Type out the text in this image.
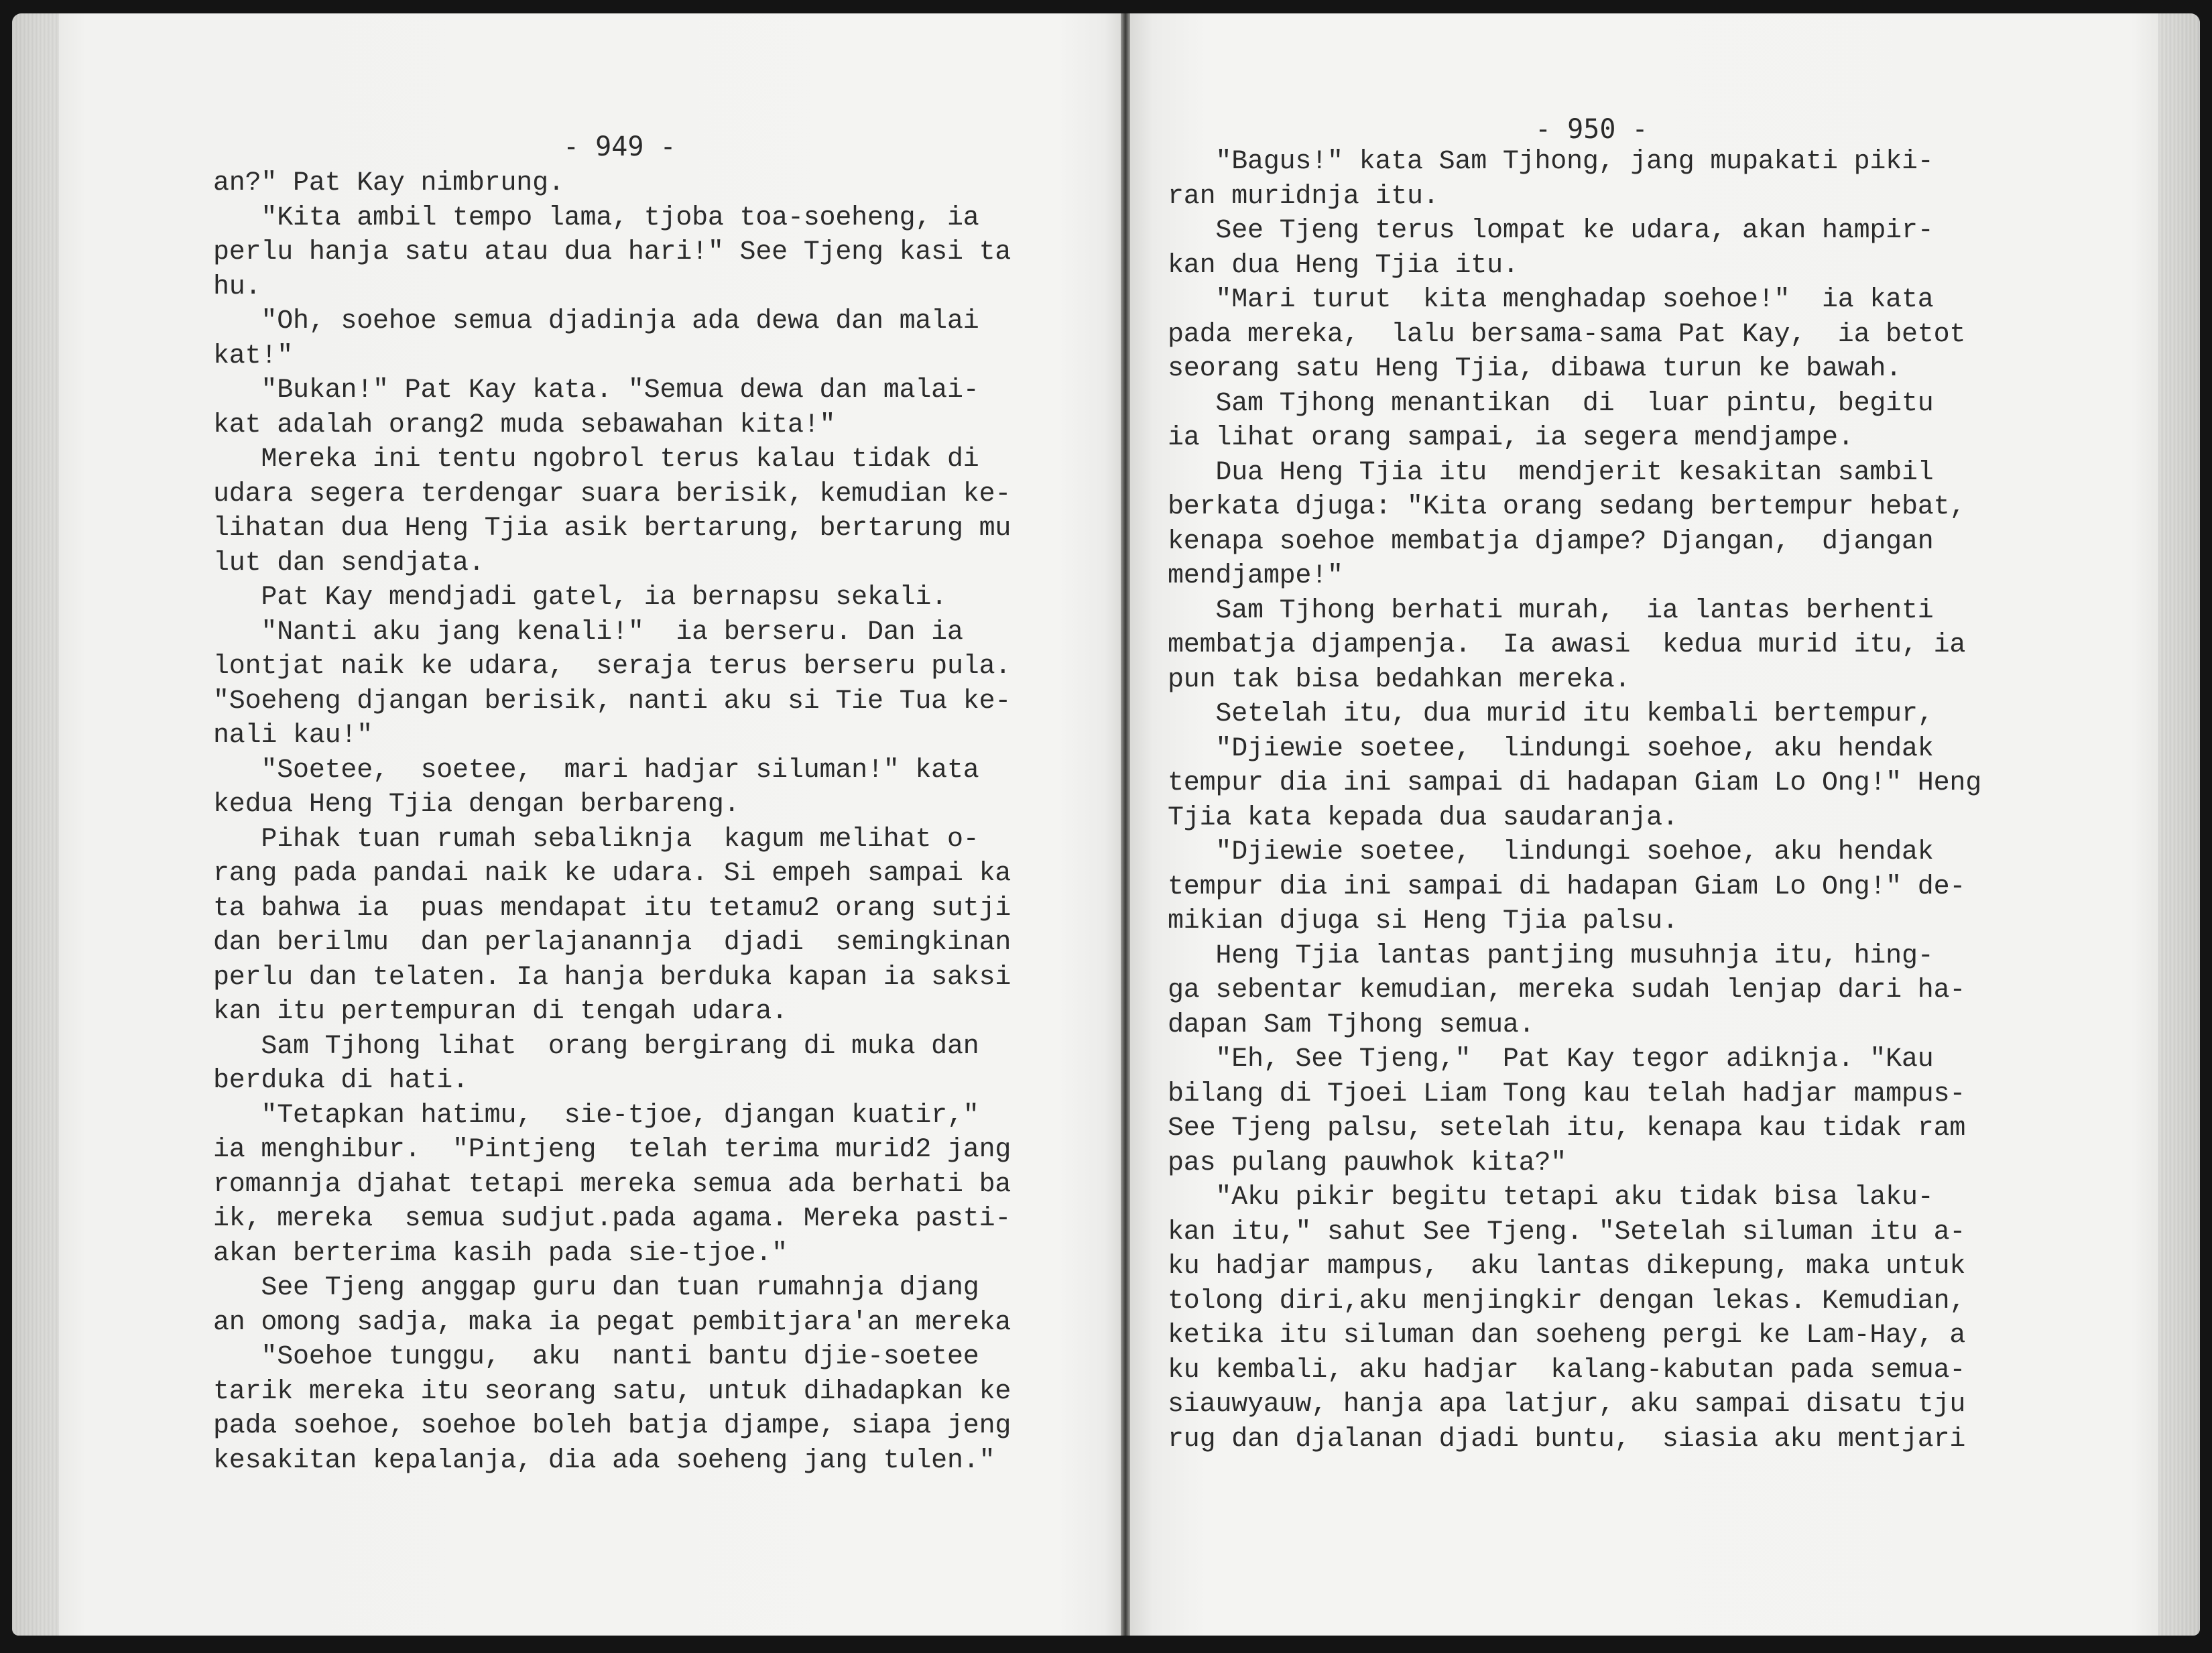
- 949 -
- 950 -
an?" Pat Kay nimbrung.
"Kita ambil tempo lama, tjoba toa-soeheng, ia
perlu hanja satu atau dua hari!" See Tjeng kasi ta
hu.
"Oh, soehoe semua djadinja ada dewa dan malai
kat!"
"Bukan!" Pat Kay kata. "Semua dewa dan malai-
kat adalah orang2 muda sebawahan kita!"
Mereka ini tentu ngobrol terus kalau tidak di
udara segera terdengar suara berisik, kemudian ke-
lihatan dua Heng Tjia asik bertarung, bertarung mu
lut dan sendjata.
Pat Kay mendjadi gatel, ia bernapsu sekali.
"Nanti aku jang kenali!"  ia berseru. Dan ia
lontjat naik ke udara,  seraja terus berseru pula.
"Soeheng djangan berisik, nanti aku si Tie Tua ke-
nali kau!"
"Soetee,  soetee,  mari hadjar siluman!" kata
kedua Heng Tjia dengan berbareng.
Pihak tuan rumah sebaliknja  kagum melihat o-
rang pada pandai naik ke udara. Si empeh sampai ka
ta bahwa ia  puas mendapat itu tetamu2 orang sutji
dan berilmu  dan perlajanannja  djadi  semingkinan
perlu dan telaten. Ia hanja berduka kapan ia saksi
kan itu pertempuran di tengah udara.
Sam Tjhong lihat  orang bergirang di muka dan
berduka di hati.
"Tetapkan hatimu,  sie-tjoe, djangan kuatir,"
ia menghibur.  "Pintjeng  telah terima murid2 jang
romannja djahat tetapi mereka semua ada berhati ba
ik, mereka  semua sudjut.pada agama. Mereka pasti-
akan berterima kasih pada sie-tjoe."
See Tjeng anggap guru dan tuan rumahnja djang
an omong sadja, maka ia pegat pembitjara'an mereka
"Soehoe tunggu,  aku  nanti bantu djie-soetee
tarik mereka itu seorang satu, untuk dihadapkan ke
pada soehoe, soehoe boleh batja djampe, siapa jeng
kesakitan kepalanja, dia ada soeheng jang tulen."
"Bagus!" kata Sam Tjhong, jang mupakati piki-
ran muridnja itu.
See Tjeng terus lompat ke udara, akan hampir-
kan dua Heng Tjia itu.
"Mari turut  kita menghadap soehoe!"  ia kata
pada mereka,  lalu bersama-sama Pat Kay,  ia betot
seorang satu Heng Tjia, dibawa turun ke bawah.
Sam Tjhong menantikan  di  luar pintu, begitu
ia lihat orang sampai, ia segera mendjampe.
Dua Heng Tjia itu  mendjerit kesakitan sambil
berkata djuga: "Kita orang sedang bertempur hebat,
kenapa soehoe membatja djampe? Djangan,  djangan
mendjampe!"
Sam Tjhong berhati murah,  ia lantas berhenti
membatja djampenja.  Ia awasi  kedua murid itu, ia
pun tak bisa bedahkan mereka.
Setelah itu, dua murid itu kembali bertempur,
"Djiewie soetee,  lindungi soehoe, aku hendak
tempur dia ini sampai di hadapan Giam Lo Ong!" Heng
Tjia kata kepada dua saudaranja.
"Djiewie soetee,  lindungi soehoe, aku hendak
tempur dia ini sampai di hadapan Giam Lo Ong!" de-
mikian djuga si Heng Tjia palsu.
Heng Tjia lantas pantjing musuhnja itu, hing-
ga sebentar kemudian, mereka sudah lenjap dari ha-
dapan Sam Tjhong semua.
"Eh, See Tjeng,"  Pat Kay tegor adiknja. "Kau
bilang di Tjoei Liam Tong kau telah hadjar mampus-
See Tjeng palsu, setelah itu, kenapa kau tidak ram
pas pulang pauwhok kita?"
"Aku pikir begitu tetapi aku tidak bisa laku-
kan itu," sahut See Tjeng. "Setelah siluman itu a-
ku hadjar mampus,  aku lantas dikepung, maka untuk
tolong diri,aku menjingkir dengan lekas. Kemudian,
ketika itu siluman dan soeheng pergi ke Lam-Hay, a
ku kembali, aku hadjar  kalang-kabutan pada semua-
siauwyauw, hanja apa latjur, aku sampai disatu tju
rug dan djalanan djadi buntu,  siasia aku mentjari
